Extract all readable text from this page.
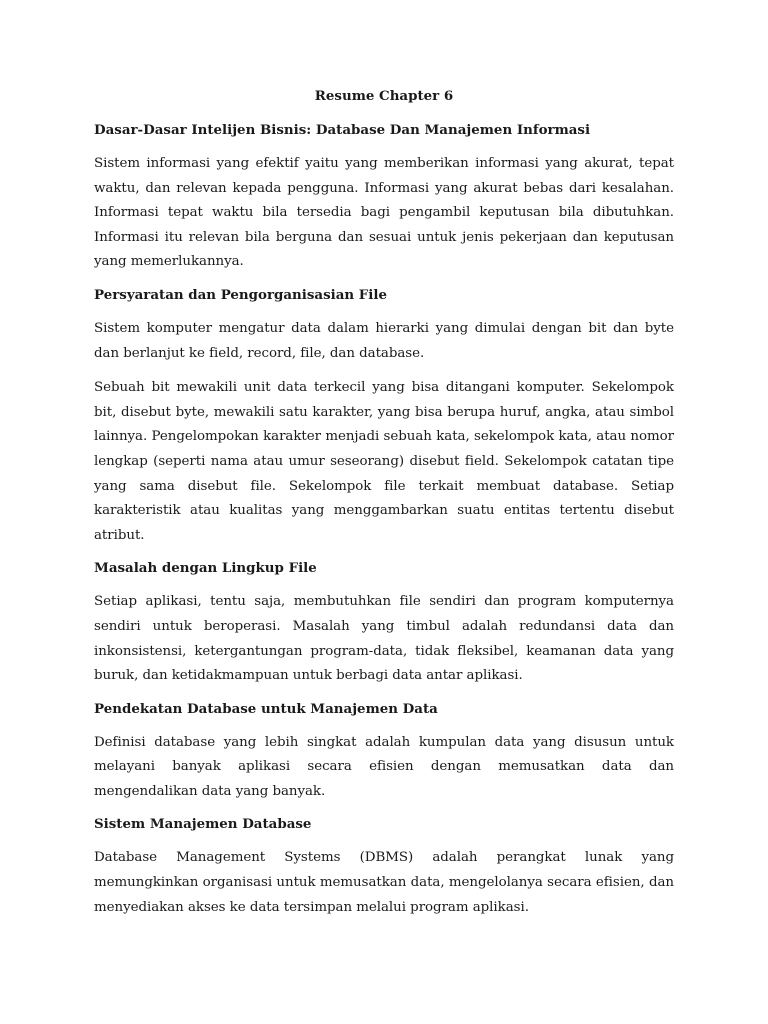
Resume Chapter 6
Dasar-Dasar Intelijen Bisnis: Database Dan Manajemen Informasi

Sistem informasi yang efektif yaitu yang memberikan informasi yang akurat, tepat waktu, dan relevan kepada pengguna. Informasi yang akurat bebas dari kesalahan. Informasi tepat waktu bila tersedia bagi pengambil keputusan bila dibutuhkan. Informasi itu relevan bila berguna dan sesuai untuk jenis pekerjaan dan keputusan yang memerlukannya.

Persyaratan dan Pengorganisasian File

Sistem komputer mengatur data dalam hierarki yang dimulai dengan bit dan byte dan berlanjut ke field, record, file, dan database.

Sebuah bit mewakili unit data terkecil yang bisa ditangani komputer. Sekelompok bit, disebut byte, mewakili satu karakter, yang bisa berupa huruf, angka, atau simbol lainnya. Pengelompokan karakter menjadi sebuah kata, sekelompok kata, atau nomor lengkap (seperti nama atau umur seseorang) disebut field. Sekelompok catatan tipe yang sama disebut file. Sekelompok file terkait membuat database. Setiap karakteristik atau kualitas yang menggambarkan suatu entitas tertentu disebut atribut.

Masalah dengan Lingkup File

Setiap aplikasi, tentu saja, membutuhkan file sendiri dan program komputernya sendiri untuk beroperasi. Masalah yang timbul adalah redundansi data dan inkonsistensi, ketergantungan program-data, tidak fleksibel, keamanan data yang buruk, dan ketidakmampuan untuk berbagi data antar aplikasi.

Pendekatan Database untuk Manajemen Data

Definisi database yang lebih singkat adalah kumpulan data yang disusun untuk melayani banyak aplikasi secara efisien dengan memusatkan data dan mengendalikan data yang banyak.

Sistem Manajemen Database

Database Management Systems (DBMS) adalah perangkat lunak yang memungkinkan organisasi untuk memusatkan data, mengelolanya secara efisien, dan menyediakan akses ke data tersimpan melalui program aplikasi.
